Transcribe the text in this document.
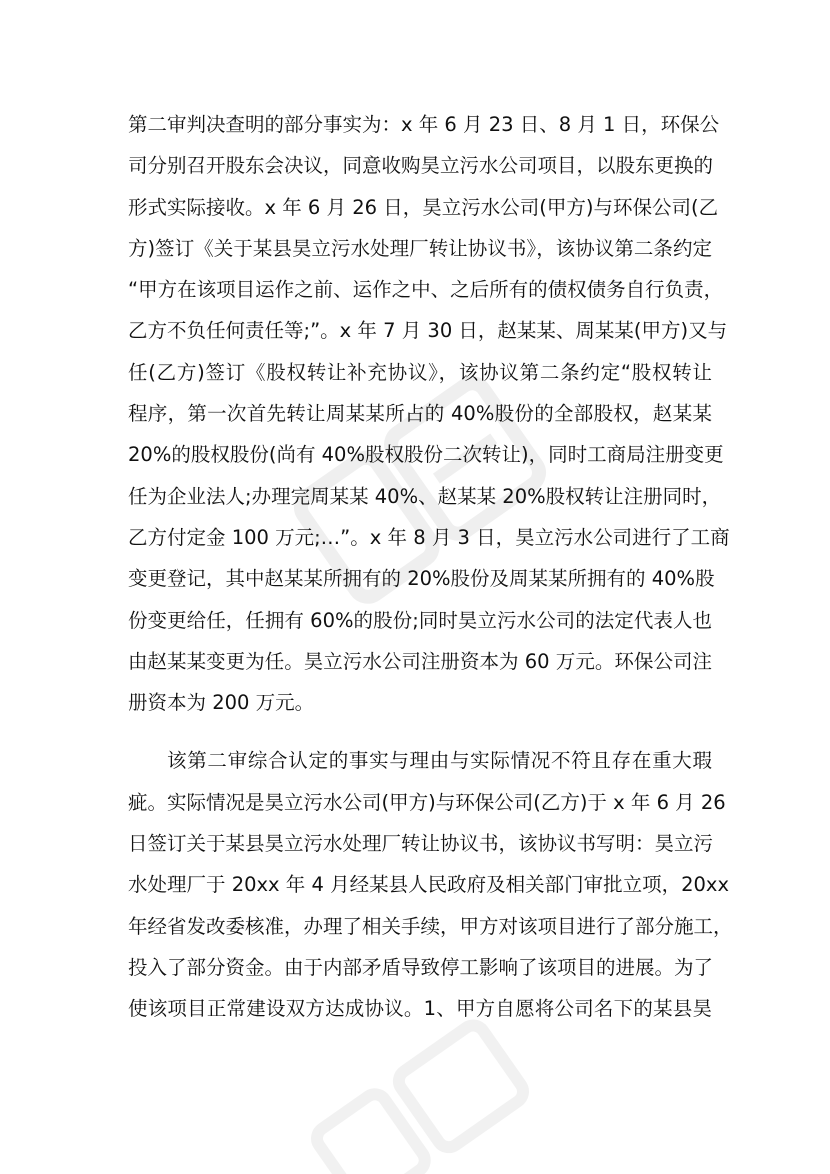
第二审判决查明的部分事实为：x 年 6 月 23 日、8 月 1 日，环保公
司分别召开股东会决议，同意收购昊立污水公司项目，以股东更换的
形式实际接收。x 年 6 月 26 日，昊立污水公司(甲方)与环保公司(乙
方)签订《关于某县昊立污水处理厂转让协议书》，该协议第二条约定
“甲方在该项目运作之前、运作之中、之后所有的债权债务自行负责，
乙方不负任何责任等;”。x 年 7 月 30 日，赵某某、周某某(甲方)又与
任(乙方)签订《股权转让补充协议》，该协议第二条约定“股权转让
程序，第一次首先转让周某某所占的 40%股份的全部股权，赵某某
20%的股权股份(尚有 40%股权股份二次转让)，同时工商局注册变更
任为企业法人;办理完周某某 40%、赵某某 20%股权转让注册同时，
乙方付定金 100 万元;…”。x 年 8 月 3 日，昊立污水公司进行了工商
变更登记，其中赵某某所拥有的 20%股份及周某某所拥有的 40%股
份变更给任，任拥有 60%的股份;同时昊立污水公司的法定代表人也
由赵某某变更为任。昊立污水公司注册资本为 60 万元。环保公司注
册资本为 200 万元。
该第二审综合认定的事实与理由与实际情况不符且存在重大瑕
疵。实际情况是昊立污水公司(甲方)与环保公司(乙方)于 x 年 6 月 26
日签订关于某县昊立污水处理厂转让协议书，该协议书写明：昊立污
水处理厂于 20xx 年 4 月经某县人民政府及相关部门审批立项，20xx
年经省发改委核准，办理了相关手续，甲方对该项目进行了部分施工，
投入了部分资金。由于内部矛盾导致停工影响了该项目的进展。为了
使该项目正常建设双方达成协议。1、甲方自愿将公司名下的某县昊
